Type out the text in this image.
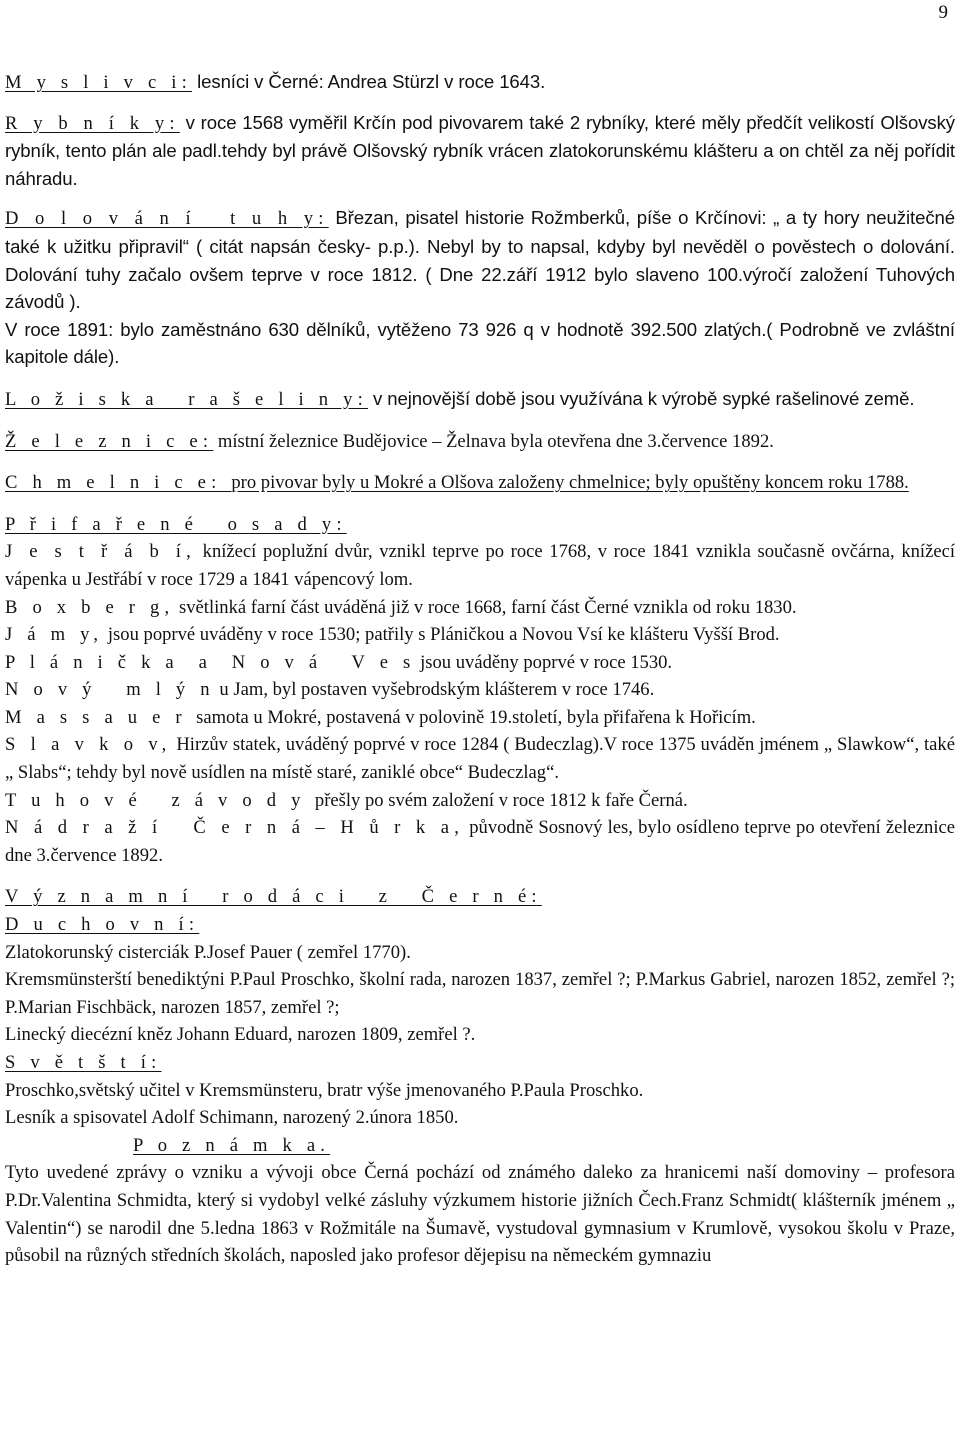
9

M y s l i v c i: lesníci v Černé: Andrea Stürzl v roce 1643.

R y b n í k y: v roce 1568 vyměřil Krčín pod pivovarem také 2 rybníky, které měly předčít velikostí Olšovský rybník, tento plán ale padl.tehdy byl právě Olšovský rybník vrácen zlatokorunskému klášteru a on chtěl za něj pořídit náhradu.

D o l o v á n í   t u h y: Březan, pisatel historie Rožmberků, píše o Krčínovi: „ a ty hory neužitečné také k užitku připravil“ ( citát napsán česky- p.p.). Nebyl by to napsal, kdyby byl nevěděl o pověstech o dolování. Dolování tuhy začalo ovšem teprve v roce 1812. ( Dne 22.září 1912 bylo slaveno 100.výročí založení Tuhových závodů ).

V roce 1891: bylo zaměstnáno 630 dělníků, vytěženo 73 926 q v hodnotě 392.500 zlatých.( Podrobně ve zvláštní kapitole dále).

L o ž i s k a   r a š e l i n y: v nejnovější době jsou využívána k výrobě sypké rašelinové země.

Ž e l e z n i c e: místní železnice Budějovice – Želnava byla otevřena dne 3.července 1892.

C h m e l n i c e: pro pivovar byly u Mokré a Olšova založeny chmelnice; byly opuštěny koncem roku 1788.

P ř i f a ř e n é   o s a d y:

J e s t ř á b í, knížecí poplužní dvůr, vznikl teprve po roce 1768, v roce 1841 vznikla současně ovčárna, knížecí vápenka u Jestřábí v roce 1729 a 1841 vápencový lom.

B o x b e r g, světlinká farní část uváděná již v roce 1668, farní část Černé vznikla od roku 1830.

J á m y, jsou poprvé uváděny v roce 1530; patřily s Pláničkou a Novou Vsí ke klášteru Vyšší Brod.

P l á n i č k a  a  N o v á   V e s jsou uváděny poprvé v roce 1530.

N o v ý   m l ý n u Jam, byl postaven vyšebrodským klášterem v roce 1746.

M a s s a u e r  samota u Mokré, postavená v polovině 19.století, byla přifařena k Hořicím.

S l a v k o v, Hirzův statek, uváděný poprvé v roce 1284 ( Budeczlag).V roce 1375 uváděn jménem „ Slawkow“, také „ Slabs“; tehdy byl nově usídlen na místě staré, zaniklé obce“ Budeczlag“.

T u h o v é   z á v o d y  přešly po svém založení v roce 1812 k faře Černá.

N á d r a ž í   Č e r n á – H ů r k a, původně Sosnový les, bylo osídleno teprve po otevření železnice dne 3.července 1892.

V ý z n a m n í   r o d á c i   z   Č e r n é:

D u c h o v n í:

Zlatokorunský cisterciák P.Josef Pauer ( zemřel 1770).

Kremsmünsterští benediktýni P.Paul Proschko, školní rada, narozen 1837, zemřel ?; P.Markus Gabriel, narozen 1852, zemřel ?; P.Marian Fischbäck, narozen 1857, zemřel ?;

Linecký diecézní kněz Johann Eduard, narozen 1809, zemřel ?.

S v ě t š t í:

Proschko,světský učitel v Kremsmünsteru, bratr výše jmenovaného P.Paula Proschko.

Lesník a spisovatel Adolf Schimann, narozený 2.února 1850.

P o z n á m k a.

Tyto uvedené zprávy o vzniku a vývoji obce Černá pochází od známého daleko za hranicemi naší domoviny – profesora P.Dr.Valentina Schmidta, který si vydobyl velké zásluhy výzkumem historie jižních Čech.Franz Schmidt( klášterník jménem „ Valentin“) se narodil dne 5.ledna 1863 v Rožmitále na Šumavě, vystudoval gymnasium v Krumlově, vysokou školu v Praze, působil na různých středních školách, naposled jako profesor dějepisu na německém gymnaziu
